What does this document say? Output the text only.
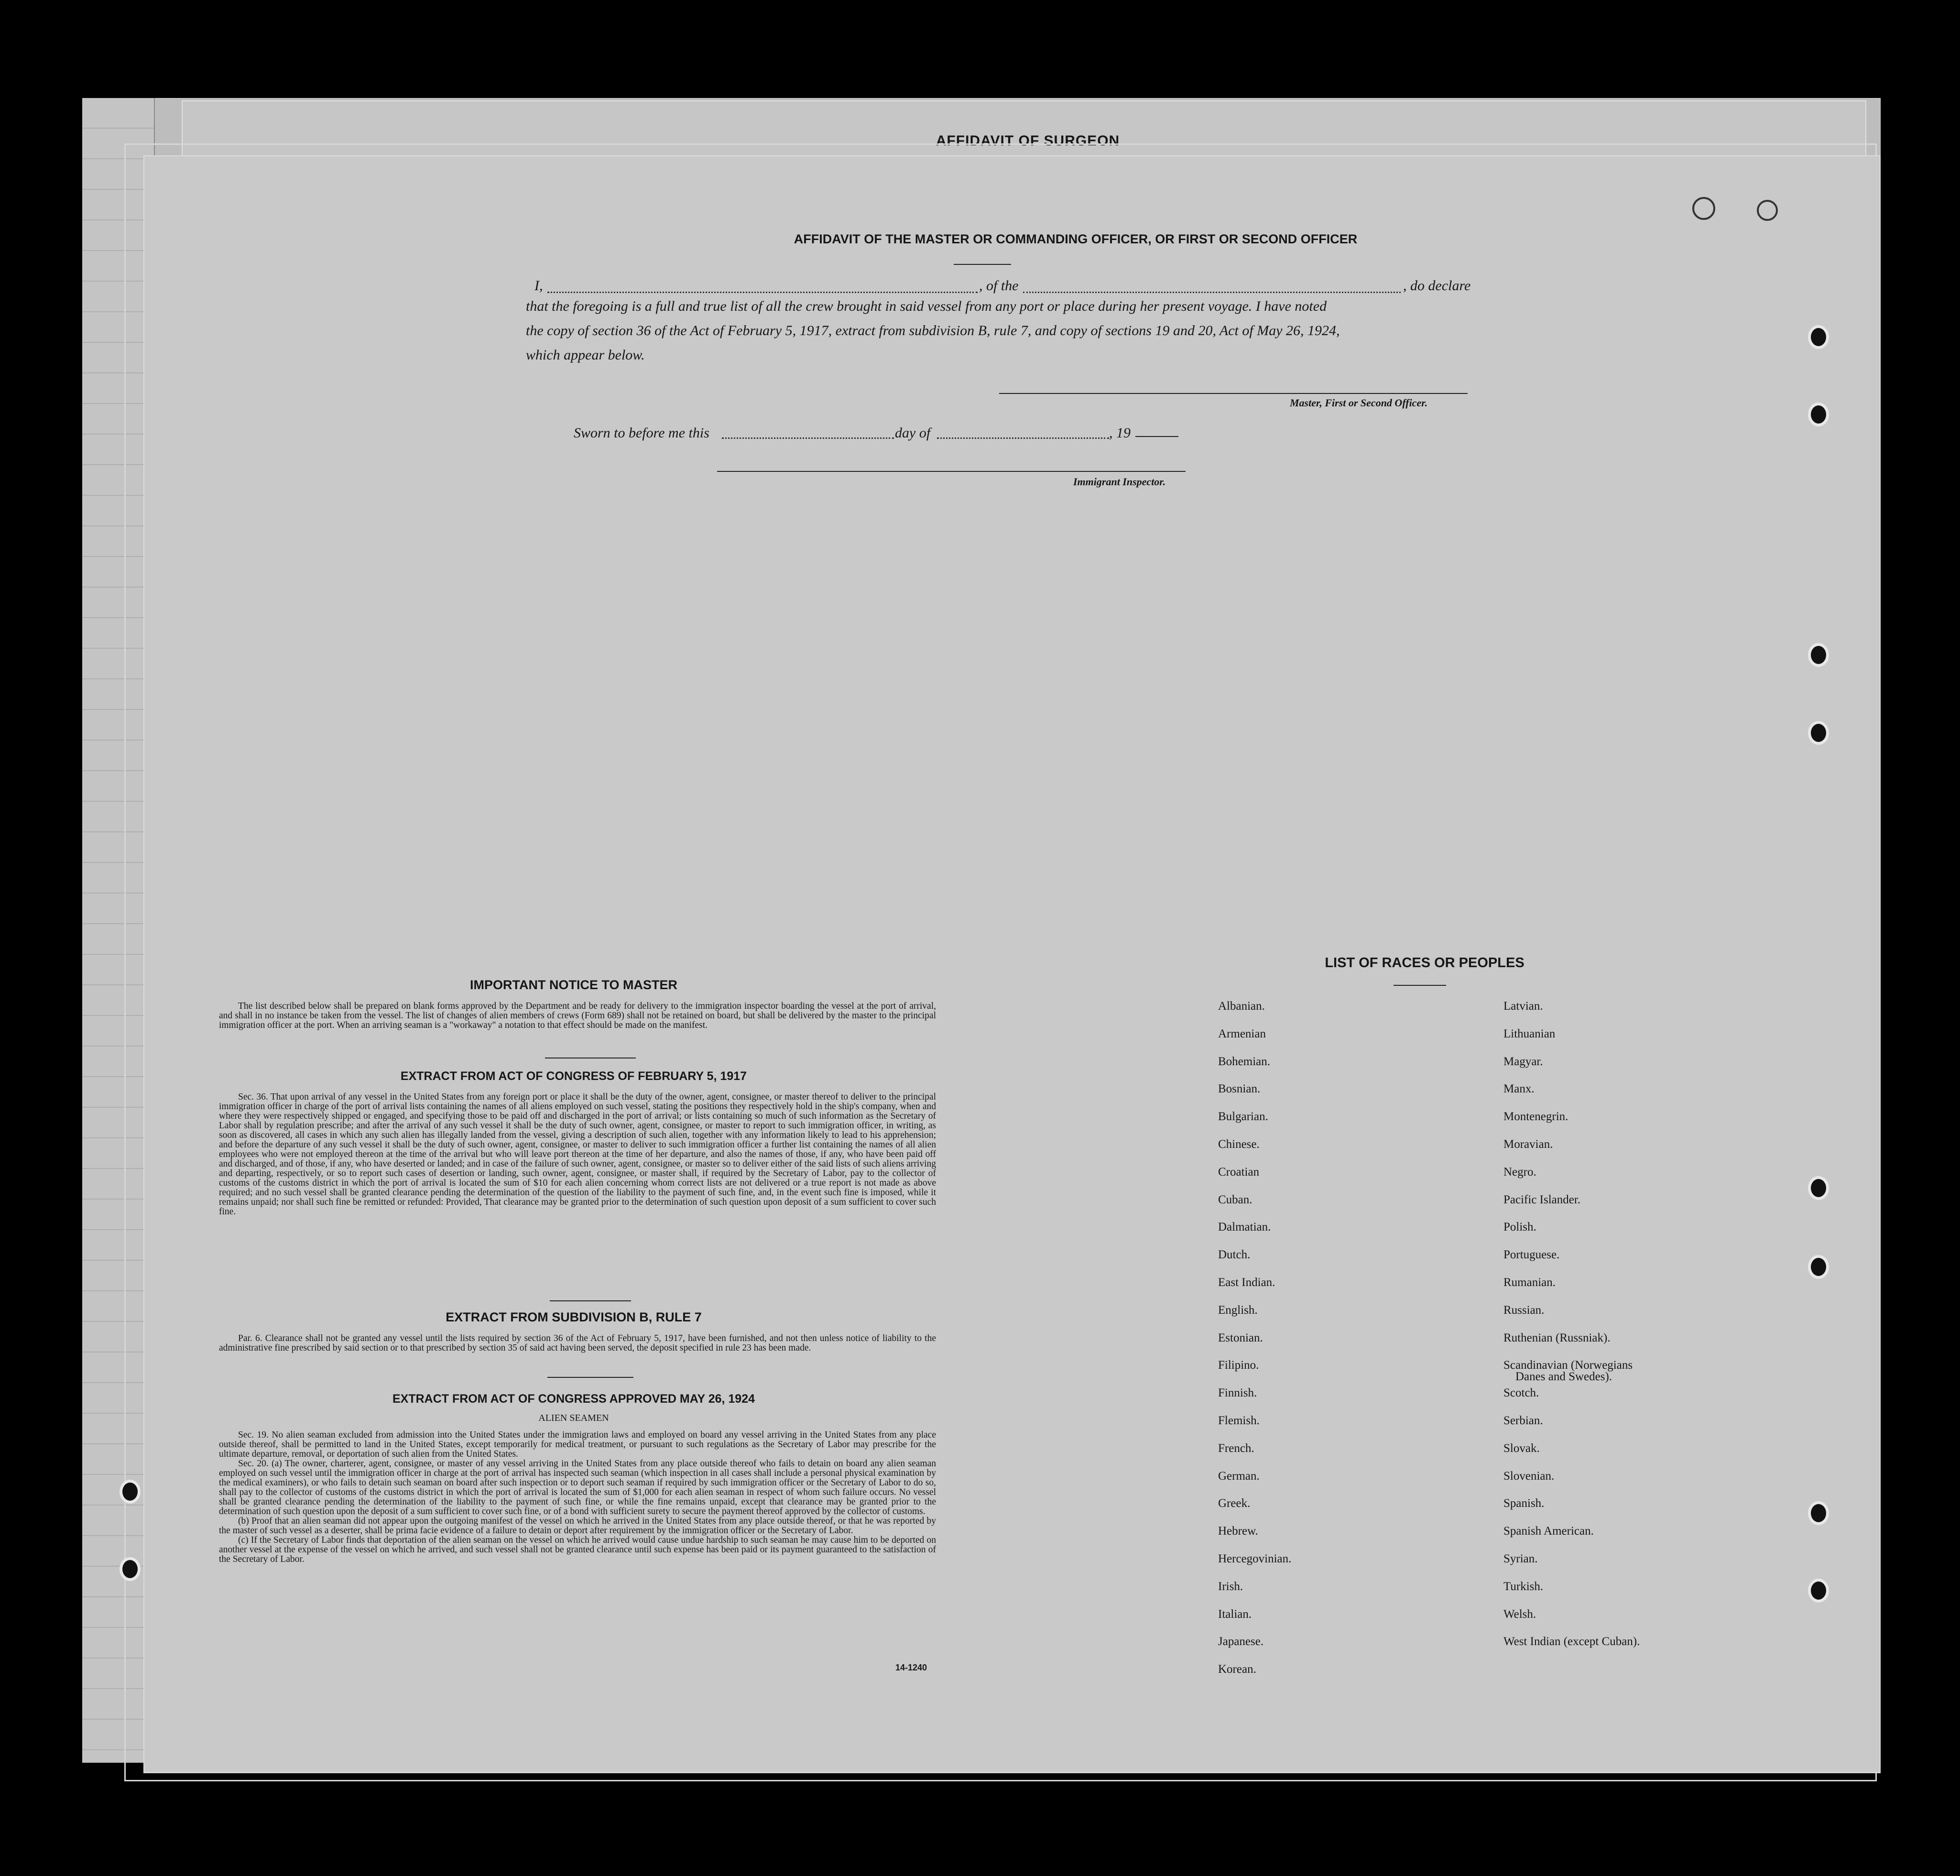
AFFIDAVIT OF SURGEON
AFFIDAVIT OF THE MASTER OR COMMANDING OFFICER, OR FIRST OR SECOND OFFICER
I,	, of the	, do declare
that the foregoing is a full and true list of all the crew brought in said vessel from any port or place during her present voyage. I have noted
the copy of section 36 of the Act of February 5, 1917, extract from subdivision B, rule 7, and copy of sections 19 and 20, Act of May 26, 1924,
which appear below.
Master, First or Second Officer.
Sworn to before me this	day of	, 19
Immigrant Inspector.
IMPORTANT NOTICE TO MASTER

The list described below shall be prepared on blank forms approved by the Department and be ready for delivery to the immigration inspector boarding the vessel at the port of arrival, and shall in no instance be taken from the vessel. The list of changes of alien members of crews (Form 689) shall not be retained on board, but shall be delivered by the master to the principal immigration officer at the port. When an arriving seaman is a "workaway" a notation to that effect should be made on the manifest.

EXTRACT FROM ACT OF CONGRESS OF FEBRUARY 5, 1917

Sec. 36. That upon arrival of any vessel in the United States from any foreign port or place it shall be the duty of the owner, agent, consignee, or master thereof to deliver to the principal immigration officer in charge of the port of arrival lists containing the names of all aliens employed on such vessel, stating the positions they respectively hold in the ship's company, when and where they were respectively shipped or engaged, and specifying those to be paid off and discharged in the port of arrival; or lists containing so much of such information as the Secretary of Labor shall by regulation prescribe; and after the arrival of any such vessel it shall be the duty of such owner, agent, consignee, or master to report to such immigration officer, in writing, as soon as discovered, all cases in which any such alien has illegally landed from the vessel, giving a description of such alien, together with any information likely to lead to his apprehension; and before the departure of any such vessel it shall be the duty of such owner, agent, consignee, or master to deliver to such immigration officer a further list containing the names of all alien employees who were not employed thereon at the time of the arrival but who will leave port thereon at the time of her departure, and also the names of those, if any, who have been paid off and discharged, and of those, if any, who have deserted or landed; and in case of the failure of such owner, agent, consignee, or master so to deliver either of the said lists of such aliens arriving and departing, respectively, or so to report such cases of desertion or landing, such owner, agent, consignee, or master shall, if required by the Secretary of Labor, pay to the collector of customs of the customs district in which the port of arrival is located the sum of $10 for each alien concerning whom correct lists are not delivered or a true report is not made as above required; and no such vessel shall be granted clearance pending the determination of the question of the liability to the payment of such fine, and, in the event such fine is imposed, while it remains unpaid; nor shall such fine be remitted or refunded: Provided, That clearance may be granted prior to the determination of such question upon deposit of a sum sufficient to cover such fine.

EXTRACT FROM SUBDIVISION B, RULE 7

Par. 6. Clearance shall not be granted any vessel until the lists required by section 36 of the Act of February 5, 1917, have been furnished, and not then unless notice of liability to the administrative fine prescribed by said section or to that prescribed by section 35 of said act having been served, the deposit specified in rule 23 has been made.

EXTRACT FROM ACT OF CONGRESS APPROVED MAY 26, 1924
ALIEN SEAMEN

Sec. 19. No alien seaman excluded from admission into the United States under the immigration laws and employed on board any vessel arriving in the United States from any place outside thereof, shall be permitted to land in the United States, except temporarily for medical treatment, or pursuant to such regulations as the Secretary of Labor may prescribe for the ultimate departure, removal, or deportation of such alien from the United States.

Sec. 20. (a) The owner, charterer, agent, consignee, or master of any vessel arriving in the United States from any place outside thereof who fails to detain on board any alien seaman employed on such vessel until the immigration officer in charge at the port of arrival has inspected such seaman (which inspection in all cases shall include a personal physical examination by the medical examiners), or who fails to detain such seaman on board after such inspection or to deport such seaman if required by such immigration officer or the Secretary of Labor to do so, shall pay to the collector of customs of the customs district in which the port of arrival is located the sum of $1,000 for each alien seaman in respect of whom such failure occurs. No vessel shall be granted clearance pending the determination of the liability to the payment of such fine, or while the fine remains unpaid, except that clearance may be granted prior to the determination of such question upon the deposit of a sum sufficient to cover such fine, or of a bond with sufficient surety to secure the payment thereof approved by the collector of customs.

(b) Proof that an alien seaman did not appear upon the outgoing manifest of the vessel on which he arrived in the United States from any place outside thereof, or that he was reported by the master of such vessel as a deserter, shall be prima facie evidence of a failure to detain or deport after requirement by the immigration officer or the Secretary of Labor.

(c) If the Secretary of Labor finds that deportation of the alien seaman on the vessel on which he arrived would cause undue hardship to such seaman he may cause him to be deported on another vessel at the expense of the vessel on which he arrived, and such vessel shall not be granted clearance until such expense has been paid or its payment guaranteed to the satisfaction of the Secretary of Labor.

14-1240
LIST OF RACES OR PEOPLES
Albanian.
Armenian
Bohemian.
Bosnian.
Bulgarian.
Chinese.
Croatian
Cuban.
Dalmatian.
Dutch.
East Indian.
English.
Estonian.
Filipino.
Finnish.
Flemish.
French.
German.
Greek.
Hebrew.
Hercegovinian.
Irish.
Italian.
Japanese.
Korean.
Latvian.
Lithuanian
Magyar.
Manx.
Montenegrin.
Moravian.
Negro.
Pacific Islander.
Polish.
Portuguese.
Rumanian.
Russian.
Ruthenian (Russniak).
Scandinavian (Norwegians
Danes and Swedes).
Scotch.
Serbian.
Slovak.
Slovenian.
Spanish.
Spanish American.
Syrian.
Turkish.
Welsh.
West Indian (except Cuban).
